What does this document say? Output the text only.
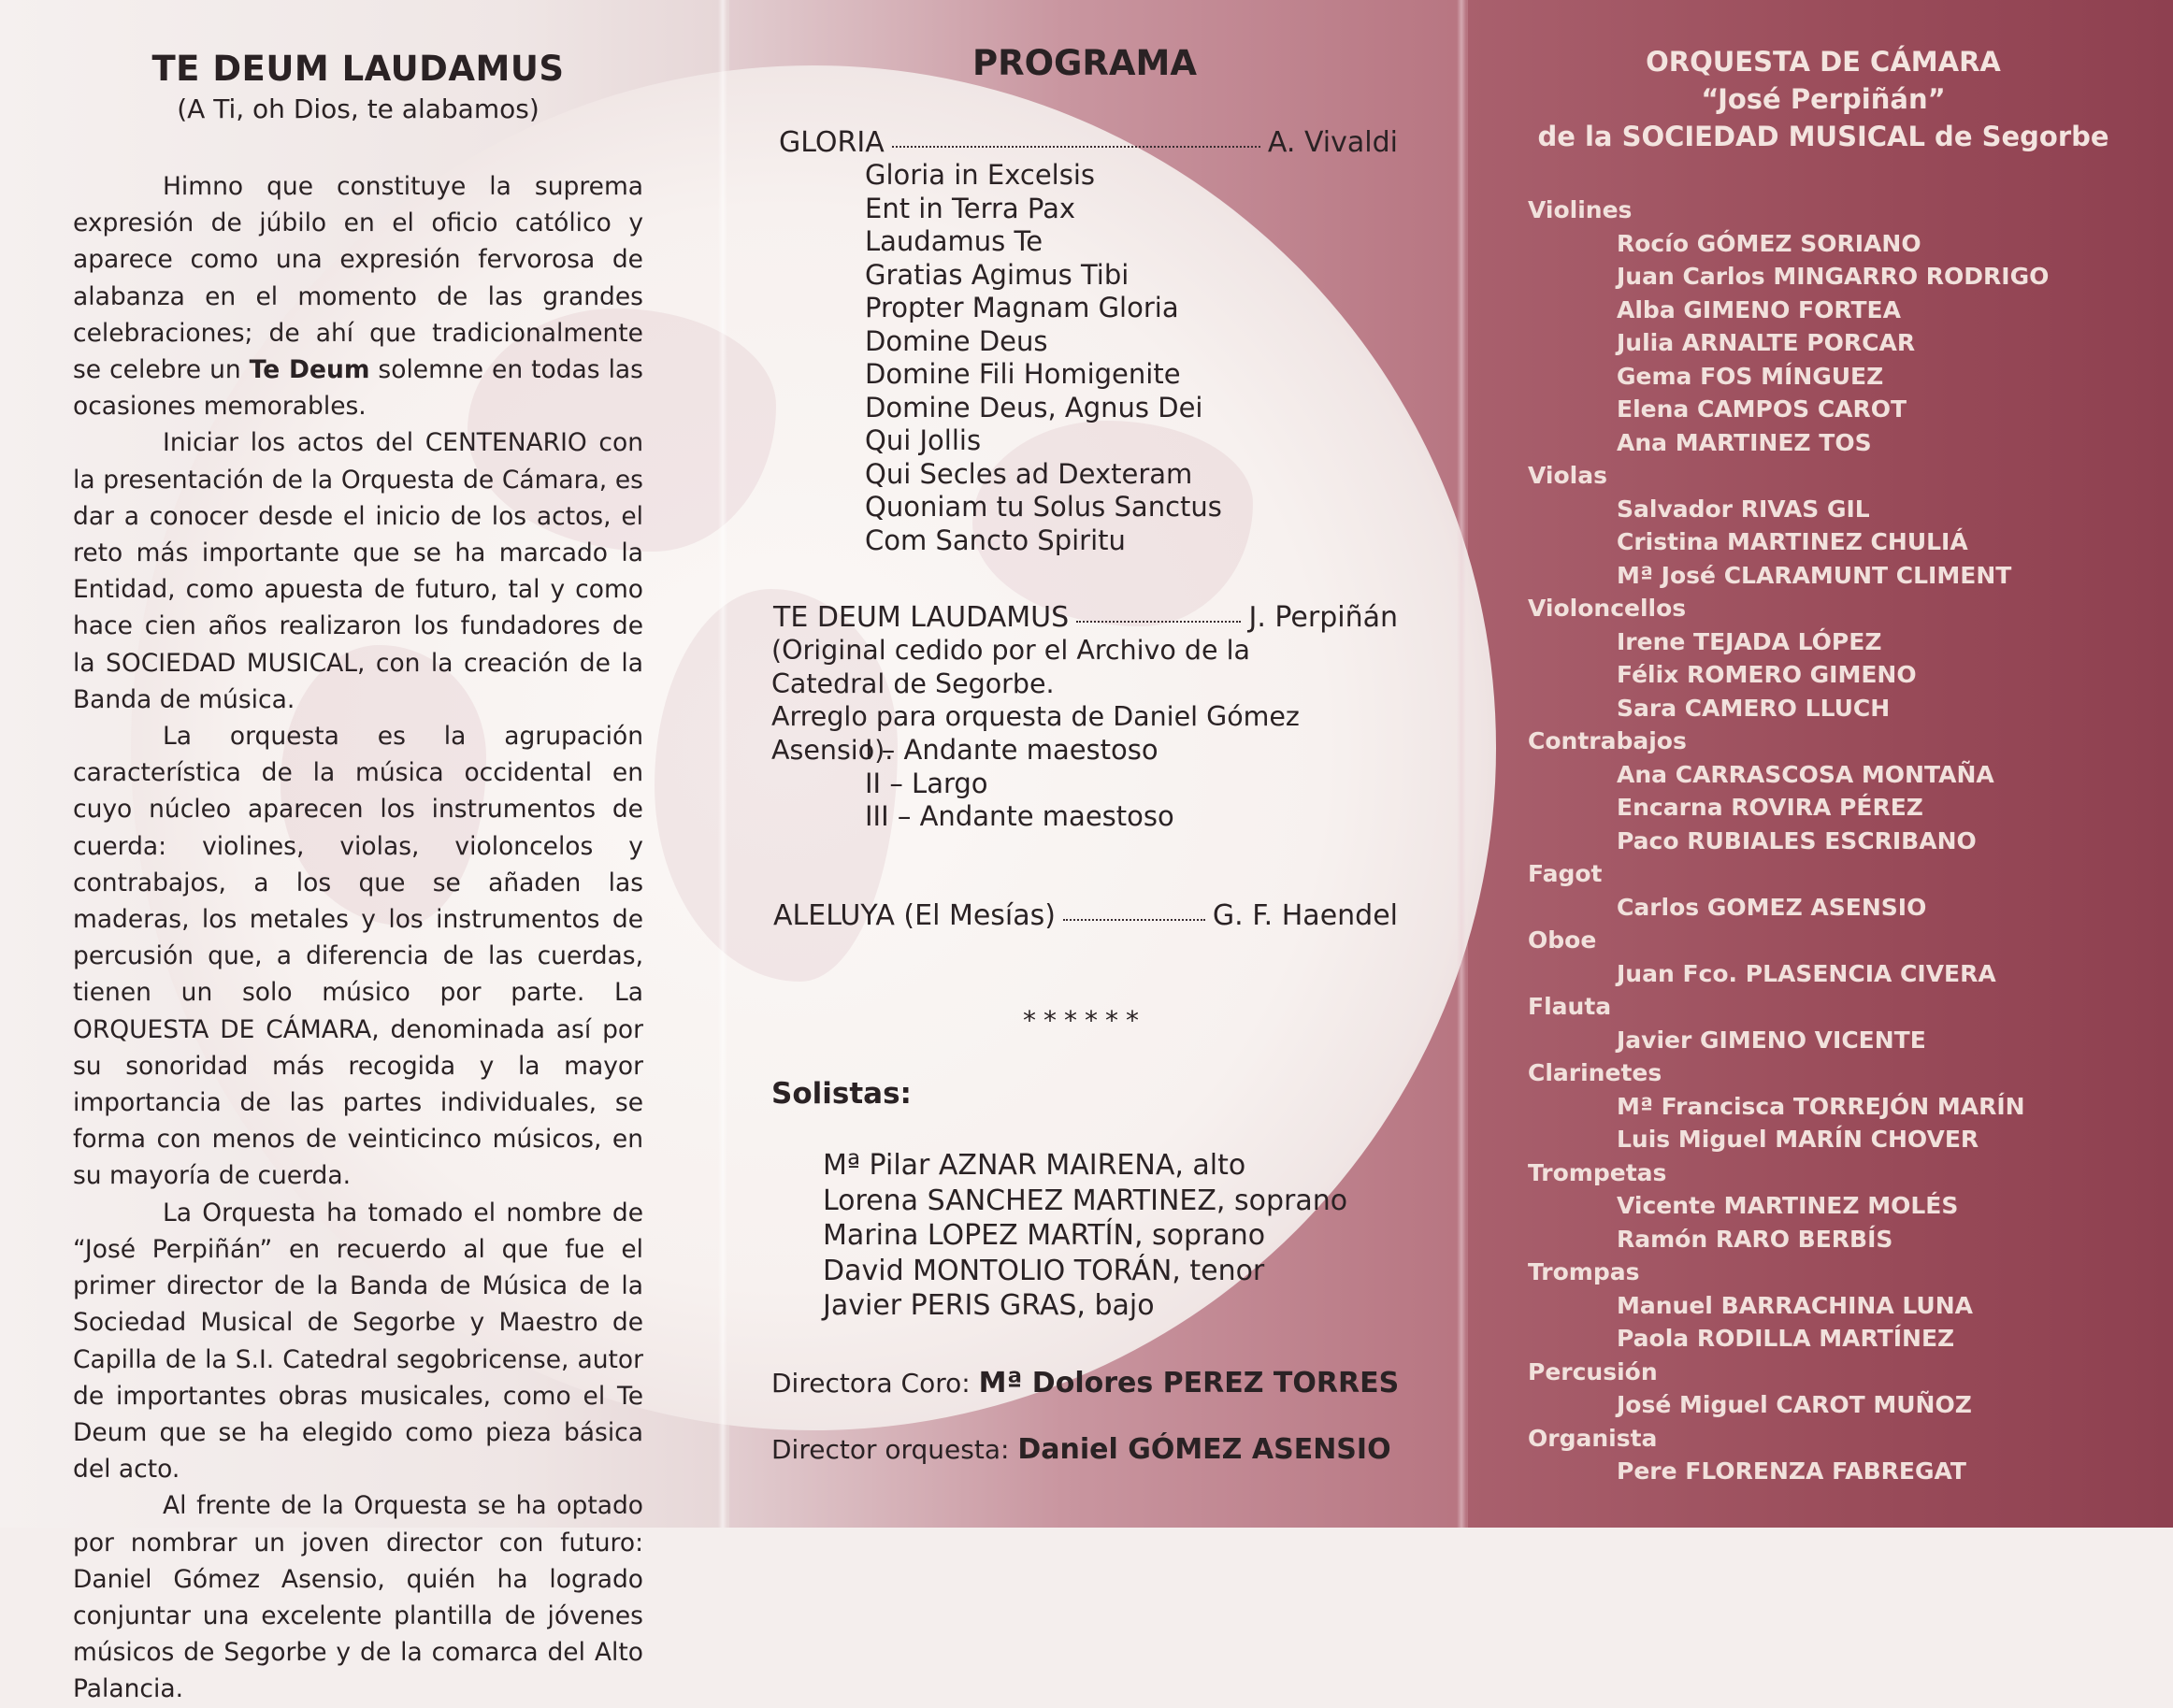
TE DEUM LAUDAMUS
(A Ti, oh Dios, te alabamos)

Himno que constituye la suprema expresión de júbilo en el oficio católico y aparece como una expresión fervorosa de alabanza en el momento de las grandes celebraciones; de ahí que tradicionalmente se celebre un Te Deum solemne en todas las ocasiones memorables.

Iniciar los actos del CENTENARIO con la presentación de la Orquesta de Cámara, es dar a conocer desde el inicio de los actos, el reto más importante que se ha marcado la Entidad, como apuesta de futuro, tal y como hace cien años realizaron los fundadores de la SOCIEDAD MUSICAL, con la creación de la Banda de música.

La orquesta es la agrupación característica de la música occidental en cuyo núcleo aparecen los instrumentos de cuerda: violines, violas, violoncelos y contrabajos, a los que se añaden las maderas, los metales y los instrumentos de percusión que, a diferencia de las cuerdas, tienen un solo músico por parte. La ORQUESTA DE CÁMARA, denominada así por su sonoridad más recogida y la mayor importancia de las partes individuales, se forma con menos de veinticinco músicos, en su mayoría de cuerda.

La Orquesta ha tomado el nombre de “José Perpiñán” en recuerdo al que fue el primer director de la Banda de Música de la Sociedad Musical de Segorbe y Maestro de Capilla de la S.I. Catedral segobricense, autor de importantes obras musicales, como el Te Deum que se ha elegido como pieza básica del acto.

Al frente de la Orquesta se ha optado por nombrar un joven director con futuro: Daniel Gómez Asensio, quién ha logrado conjuntar una excelente plantilla de jóvenes músicos de Segorbe y de la comarca del Alto Palancia.

PROGRAMA
GLORIA	A. Vivaldi
Gloria in Excelsis
Ent in Terra Pax
Laudamus Te
Gratias Agimus Tibi
Propter Magnam Gloria
Domine Deus
Domine Fili Homigenite
Domine Deus, Agnus Dei
Qui Jollis
Qui Secles ad Dexteram
Quoniam tu Solus Sanctus
Com Sancto Spiritu
TE DEUM LAUDAMUS	J. Perpiñán
(Original cedido por el Archivo de la
Catedral de Segorbe.
Arreglo para orquesta de Daniel Gómez Asensio).
I – Andante maestoso
II – Largo
III – Andante maestoso
ALELUYA (El Mesías)	G. F. Haendel
******
Solistas:
Mª Pilar AZNAR MAIRENA, alto
Lorena SANCHEZ MARTINEZ, soprano
Marina LOPEZ MARTÍN, soprano
David MONTOLIO TORÁN, tenor
Javier PERIS GRAS, bajo
Directora Coro: Mª Dolores PEREZ TORRES
Director orquesta: Daniel GÓMEZ ASENSIO
ORQUESTA DE CÁMARA
“José Perpiñán”
de la SOCIEDAD MUSICAL de Segorbe
Violines
Rocío GÓMEZ SORIANO
Juan Carlos MINGARRO RODRIGO
Alba GIMENO FORTEA
Julia ARNALTE PORCAR
Gema FOS MÍNGUEZ
Elena CAMPOS CAROT
Ana MARTINEZ TOS
Violas
Salvador RIVAS GIL
Cristina MARTINEZ CHULIÁ
Mª José CLARAMUNT CLIMENT
Violoncellos
Irene TEJADA LÓPEZ
Félix ROMERO GIMENO
Sara CAMERO LLUCH
Contrabajos
Ana CARRASCOSA MONTAÑA
Encarna ROVIRA PÉREZ
Paco RUBIALES ESCRIBANO
Fagot
Carlos GOMEZ ASENSIO
Oboe
Juan Fco. PLASENCIA CIVERA
Flauta
Javier GIMENO VICENTE
Clarinetes
Mª Francisca TORREJÓN MARÍN
Luis Miguel MARÍN CHOVER
Trompetas
Vicente MARTINEZ MOLÉS
Ramón RARO BERBÍS
Trompas
Manuel BARRACHINA LUNA
Paola RODILLA MARTÍNEZ
Percusión
José Miguel CAROT MUÑOZ
Organista
Pere FLORENZA FABREGAT
